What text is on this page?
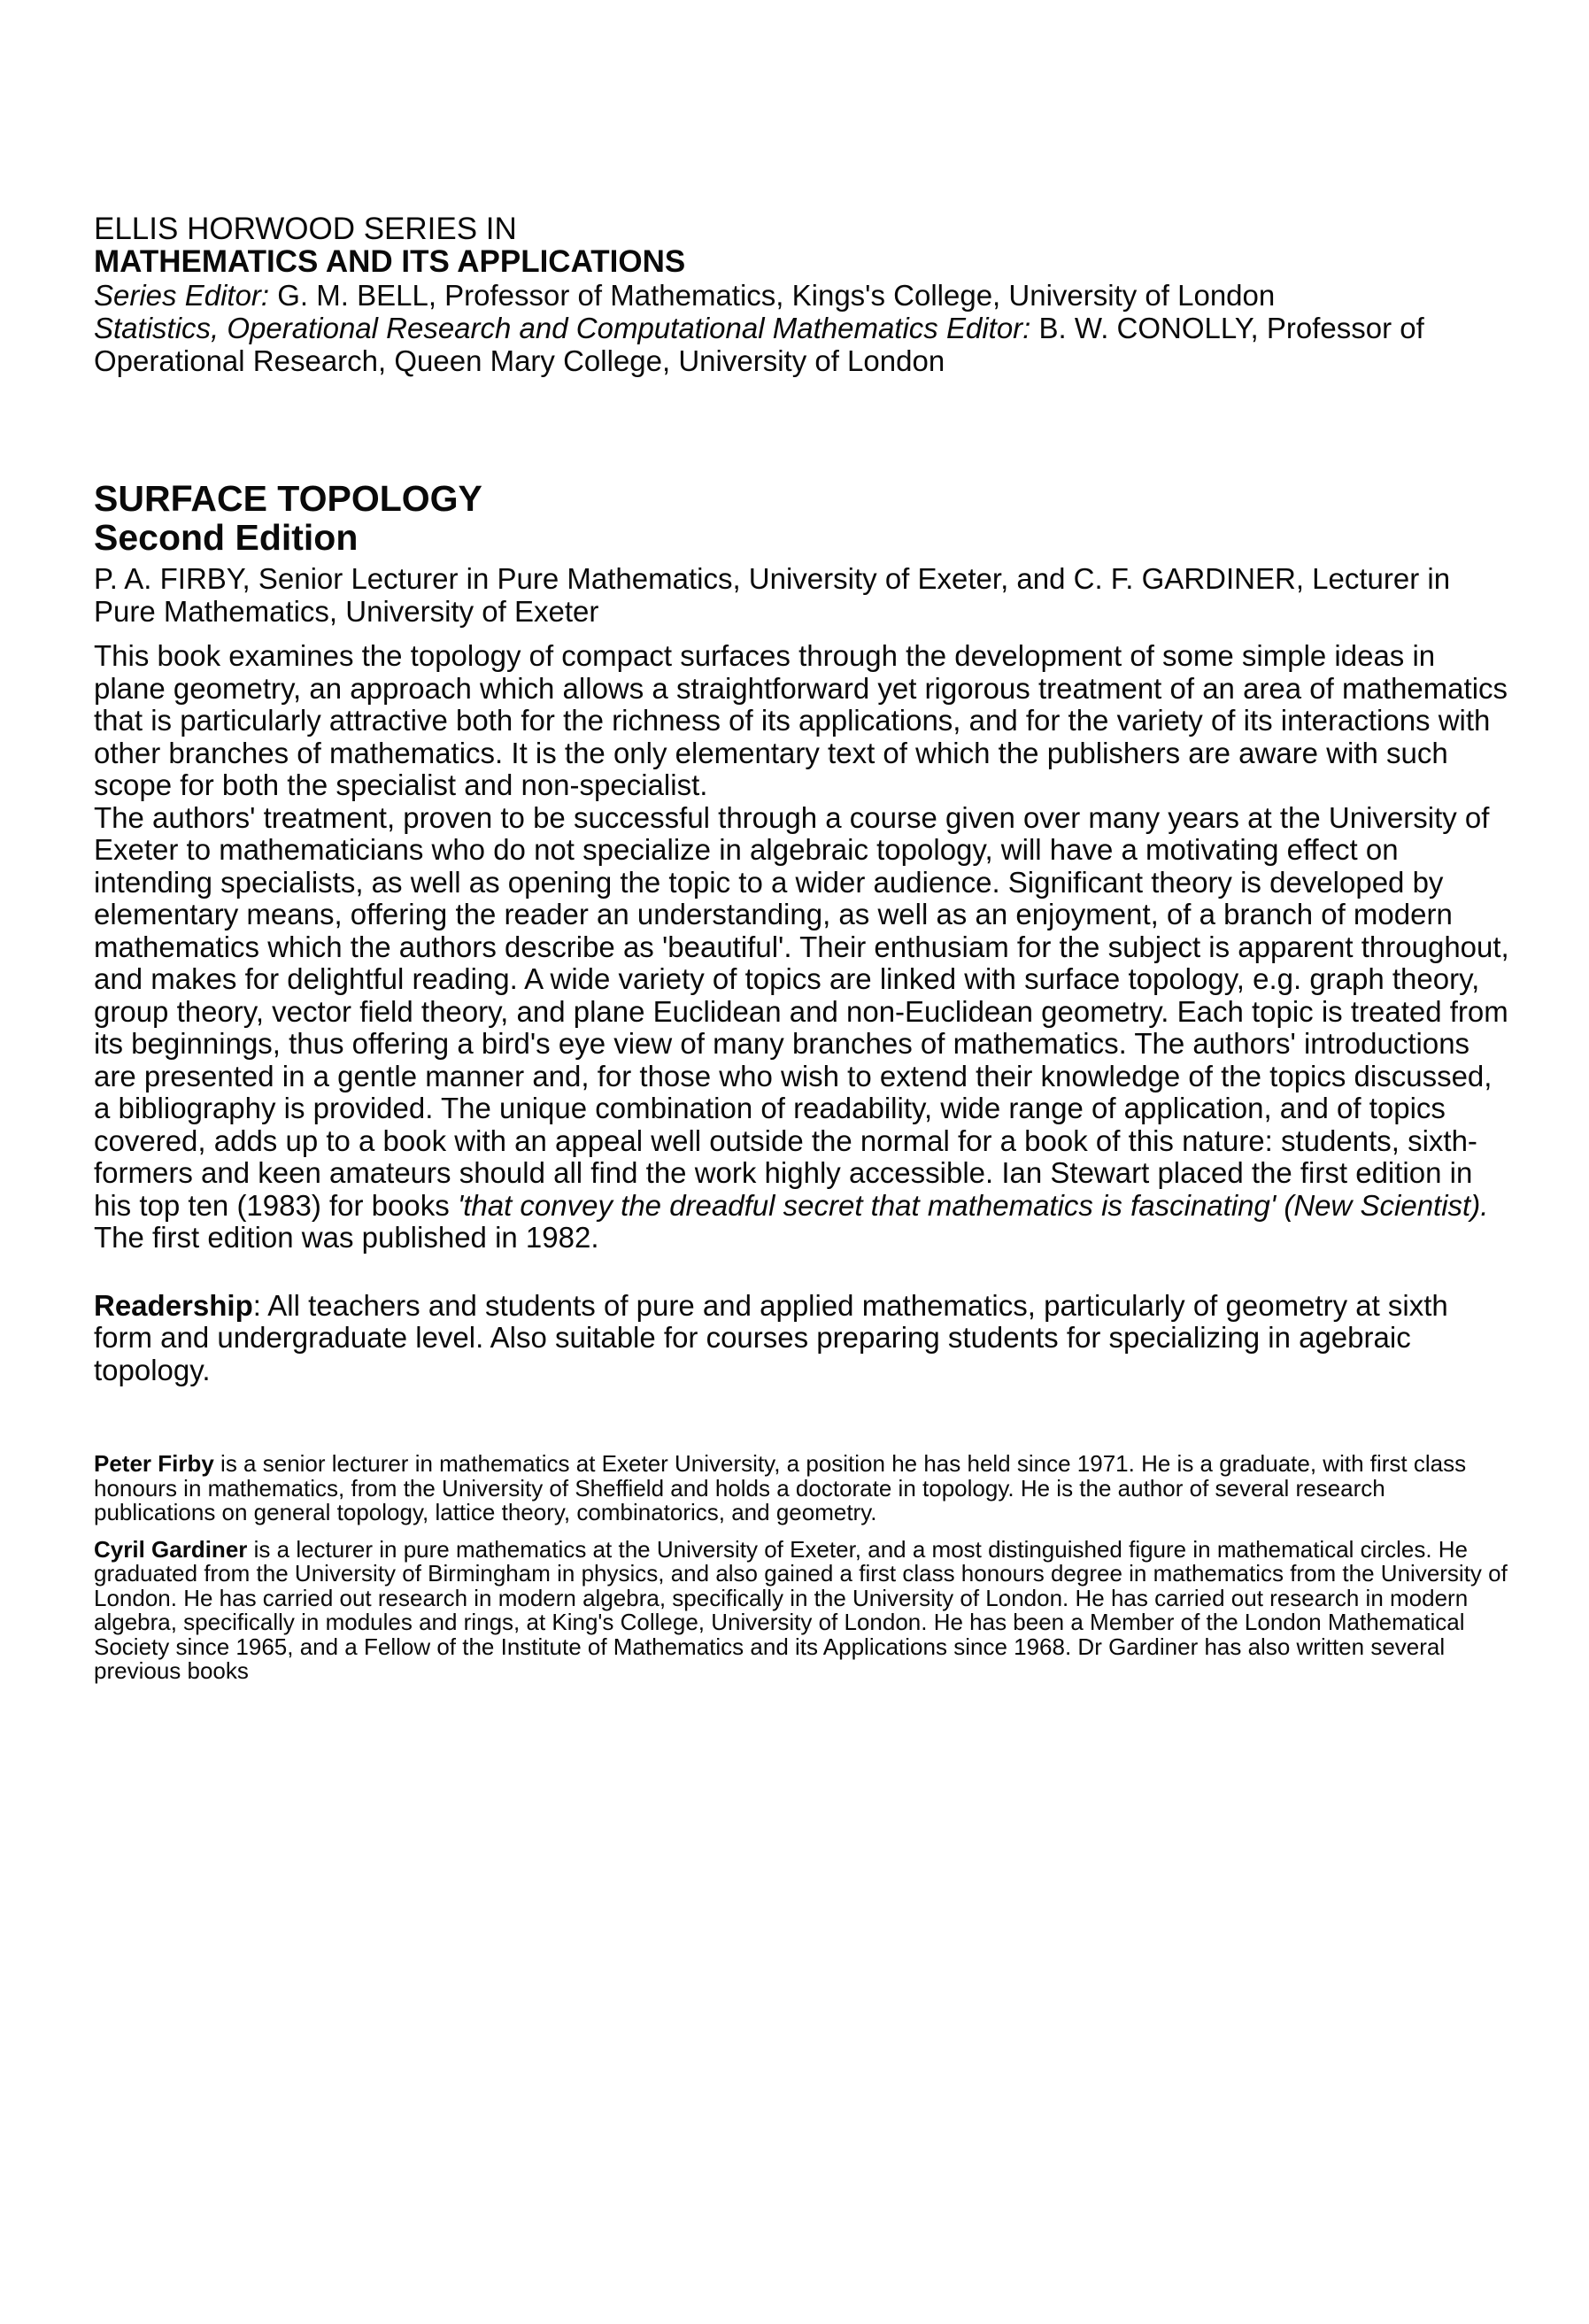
ELLIS HORWOOD SERIES IN
MATHEMATICS AND ITS APPLICATIONS
Series Editor: G. M. BELL, Professor of Mathematics, Kings's College, University of London
Statistics, Operational Research and Computational Mathematics Editor: B. W. CONOLLY, Professor of Operational Research, Queen Mary College, University of London
SURFACE TOPOLOGY
Second Edition
P. A. FIRBY, Senior Lecturer in Pure Mathematics, University of Exeter, and C. F. GARDINER, Lecturer in Pure Mathematics, University of Exeter

This book examines the topology of compact surfaces through the development of some simple ideas in plane geometry, an approach which allows a straightforward yet rigorous treatment of an area of mathematics that is particularly attractive both for the richness of its applications, and for the variety of its interactions with other branches of mathematics. It is the only elementary text of which the publishers are aware with such scope for both the specialist and non-specialist.

The authors' treatment, proven to be successful through a course given over many years at the University of Exeter to mathematicians who do not specialize in algebraic topology, will have a motivating effect on intending specialists, as well as opening the topic to a wider audience. Significant theory is developed by elementary means, offering the reader an understanding, as well as an enjoyment, of a branch of modern mathematics which the authors describe as 'beautiful'. Their enthusiam for the subject is apparent throughout, and makes for delightful reading. A wide variety of topics are linked with surface topology, e.g. graph theory, group theory, vector field theory, and plane Euclidean and non-Euclidean geometry. Each topic is treated from its beginnings, thus offering a bird's eye view of many branches of mathematics. The authors' introductions are presented in a gentle manner and, for those who wish to extend their knowledge of the topics discussed, a bibliography is provided. The unique combination of readability, wide range of application, and of topics covered, adds up to a book with an appeal well outside the normal for a book of this nature: students, sixth-formers and keen amateurs should all find the work highly accessible. Ian Stewart placed the first edition in his top ten (1983) for books 'that convey the dreadful secret that mathematics is fascinating' (New Scientist). The first edition was published in 1982.

Readership: All teachers and students of pure and applied mathematics, particularly of geometry at sixth form and undergraduate level. Also suitable for courses preparing students for specializing in agebraic topology.
Peter Firby is a senior lecturer in mathematics at Exeter University, a position he has held since 1971. He is a graduate, with first class honours in mathematics, from the University of Sheffield and holds a doctorate in topology. He is the author of several research publications on general topology, lattice theory, combinatorics, and geometry.
Cyril Gardiner is a lecturer in pure mathematics at the University of Exeter, and a most distinguished figure in mathematical circles. He graduated from the University of Birmingham in physics, and also gained a first class honours degree in mathematics from the University of London. He has carried out research in modern algebra, specifically in the University of London. He has carried out research in modern algebra, specifically in modules and rings, at King's College, University of London. He has been a Member of the London Mathematical Society since 1965, and a Fellow of the Institute of Mathematics and its Applications since 1968. Dr Gardiner has also written several previous books
